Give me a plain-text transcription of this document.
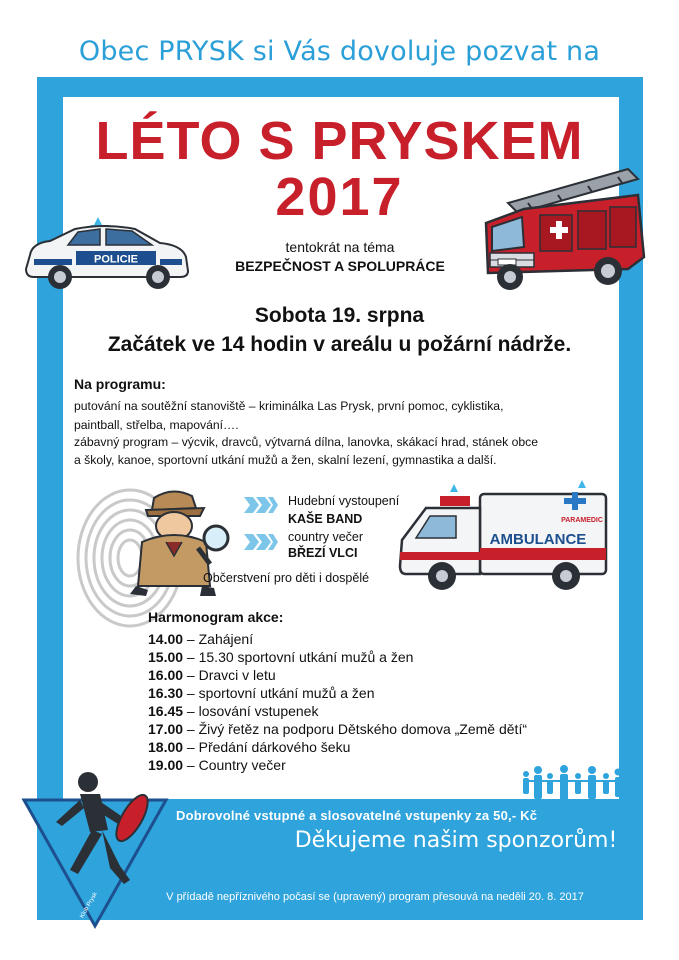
Obec PRYSK si Vás dovoluje pozvat na
LÉTO S PRYSKEM
2017
POLICIE
tentokrát na téma
BEZPEČNOST A SPOLUPRÁCE
Sobota 19. srpna
Začátek ve 14 hodin v areálu u požární nádrže.
Na programu:
putování na soutěžní stanoviště – kriminálka Las Prysk, první pomoc, cyklistika,
paintball, střelba, mapování….
zábavný program – výcvik, dravců, výtvarná dílna, lanovka, skákací hrad, stánek obce
a školy, kanoe, sportovní utkání mužů a žen, skalní lezení, gymnastika a další.
Hudební vystoupení
KAŠE BAND
country večer
BŘEZÍ VLCI
Občerstvení pro děti i dospělé
AMBULANCE
PARAMEDIC
Harmonogram akce:
14.00 – Zahájení
15.00 – 15.30 sportovní utkání mužů a žen
16.00 – Dravci v letu
16.30 – sportovní utkání mužů a žen
16.45 – losování vstupenek
17.00 – Živý řetěz na podporu Dětského domova „Země dětí“
18.00 – Předání dárkového šeku
19.00 – Country večer
Klub Prysk
Dobrovolné vstupné a slosovatelné vstupenky za 50,- Kč
Děkujeme našim sponzorům!
V přídadě nepříznivého počasí se (upravený) program přesouvá na neděli 20. 8. 2017
